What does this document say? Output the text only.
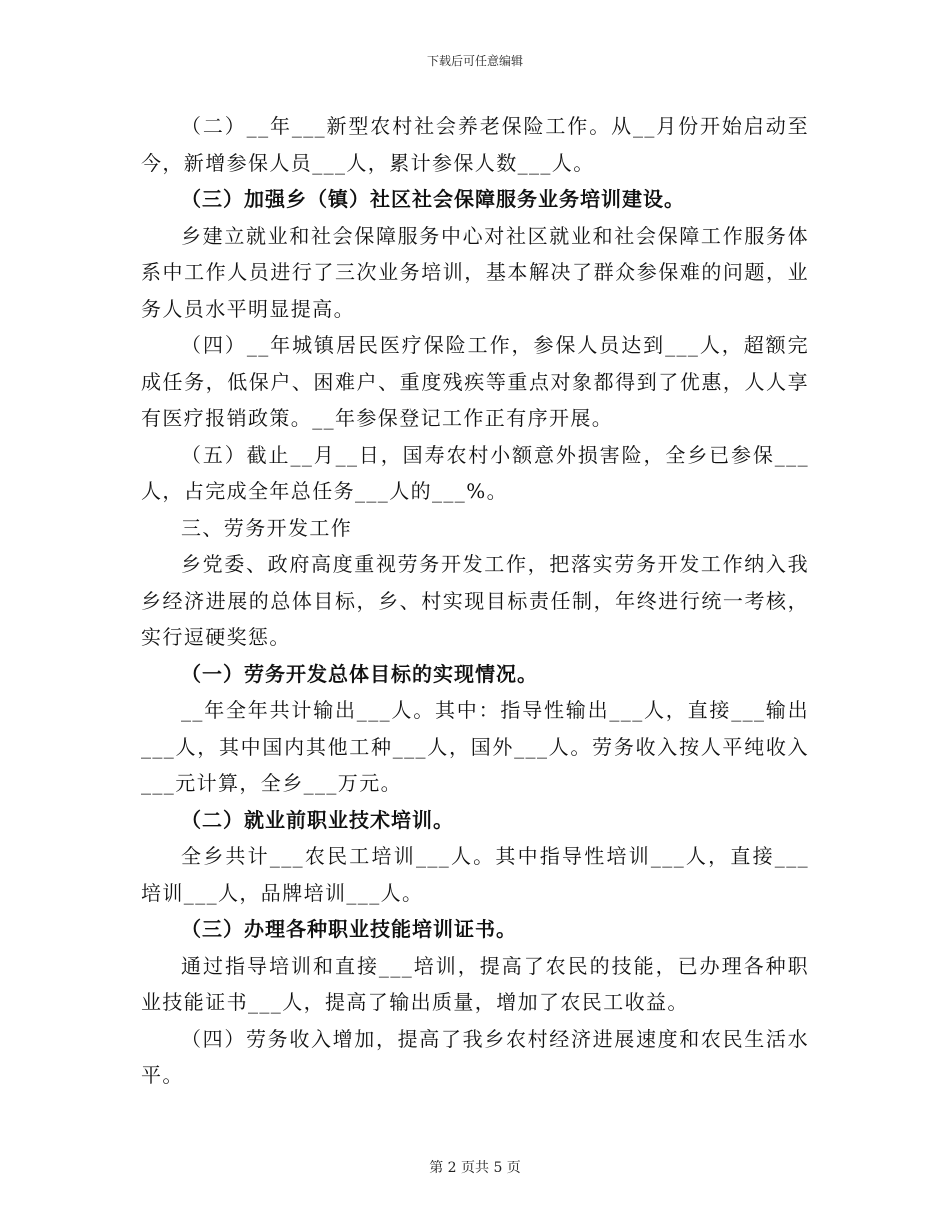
下载后可任意编辑

（二）__年___新型农村社会养老保险工作。从__月份开始启动至今，新增参保人员___人，累计参保人数___人。

（三）加强乡（镇）社区社会保障服务业务培训建设。

乡建立就业和社会保障服务中心对社区就业和社会保障工作服务体系中工作人员进行了三次业务培训，基本解决了群众参保难的问题，业务人员水平明显提高。

（四）__年城镇居民医疗保险工作，参保人员达到___人，超额完成任务，低保户、困难户、重度残疾等重点对象都得到了优惠，人人享有医疗报销政策。__年参保登记工作正有序开展。

（五）截止__月__日，国寿农村小额意外损害险，全乡已参保___人，占完成全年总任务___人的___%。

三、劳务开发工作

乡党委、政府高度重视劳务开发工作，把落实劳务开发工作纳入我乡经济进展的总体目标，乡、村实现目标责任制，年终进行统一考核，实行逗硬奖惩。

（一）劳务开发总体目标的实现情况。

__年全年共计输出___人。其中：指导性输出___人，直接___输出___人，其中国内其他工种___人，国外___人。劳务收入按人平纯收入___元计算，全乡___万元。

（二）就业前职业技术培训。

全乡共计___农民工培训___人。其中指导性培训___人，直接___培训___人，品牌培训___人。

（三）办理各种职业技能培训证书。

通过指导培训和直接___培训，提高了农民的技能，已办理各种职业技能证书___人，提高了输出质量，增加了农民工收益。

（四）劳务收入增加，提高了我乡农村经济进展速度和农民生活水平。

第 2 页共 5 页
